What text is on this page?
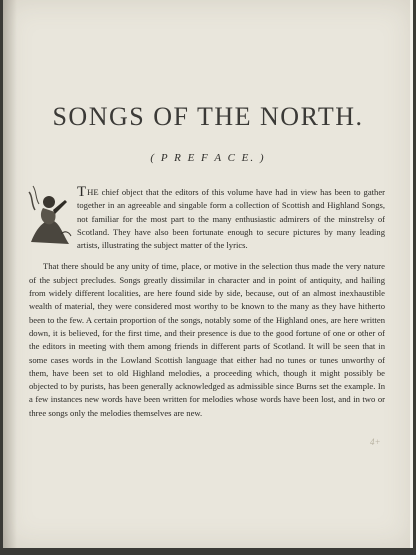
SONGS OF THE NORTH.
( P R E F A C E. )

THE chief object that the editors of this volume have had in view has been to gather together in an agreeable and singable form a collection of Scottish and Highland Songs, not familiar for the most part to the many enthusiastic admirers of the minstrelsy of Scotland. They have also been fortunate enough to secure pictures by many leading artists, illustrating the subject matter of the lyrics.

That there should be any unity of time, place, or motive in the selection thus made the very nature of the subject precludes. Songs greatly dissimilar in character and in point of antiquity, and hailing from widely different localities, are here found side by side, because, out of an almost inexhaustible wealth of material, they were considered most worthy to be known to the many as they have hitherto been to the few. A certain proportion of the songs, notably some of the Highland ones, are here written down, it is believed, for the first time, and their presence is due to the good fortune of one or other of the editors in meeting with them among friends in different parts of Scotland. It will be seen that in some cases words in the Lowland Scottish language that either had no tunes or tunes unworthy of them, have been set to old Highland melodies, a proceeding which, though it might possibly be objected to by purists, has been generally acknowledged as admissible since Burns set the example. In a few instances new words have been written for melodies whose words have been lost, and in two or three songs only the melodies themselves are new.

4+
